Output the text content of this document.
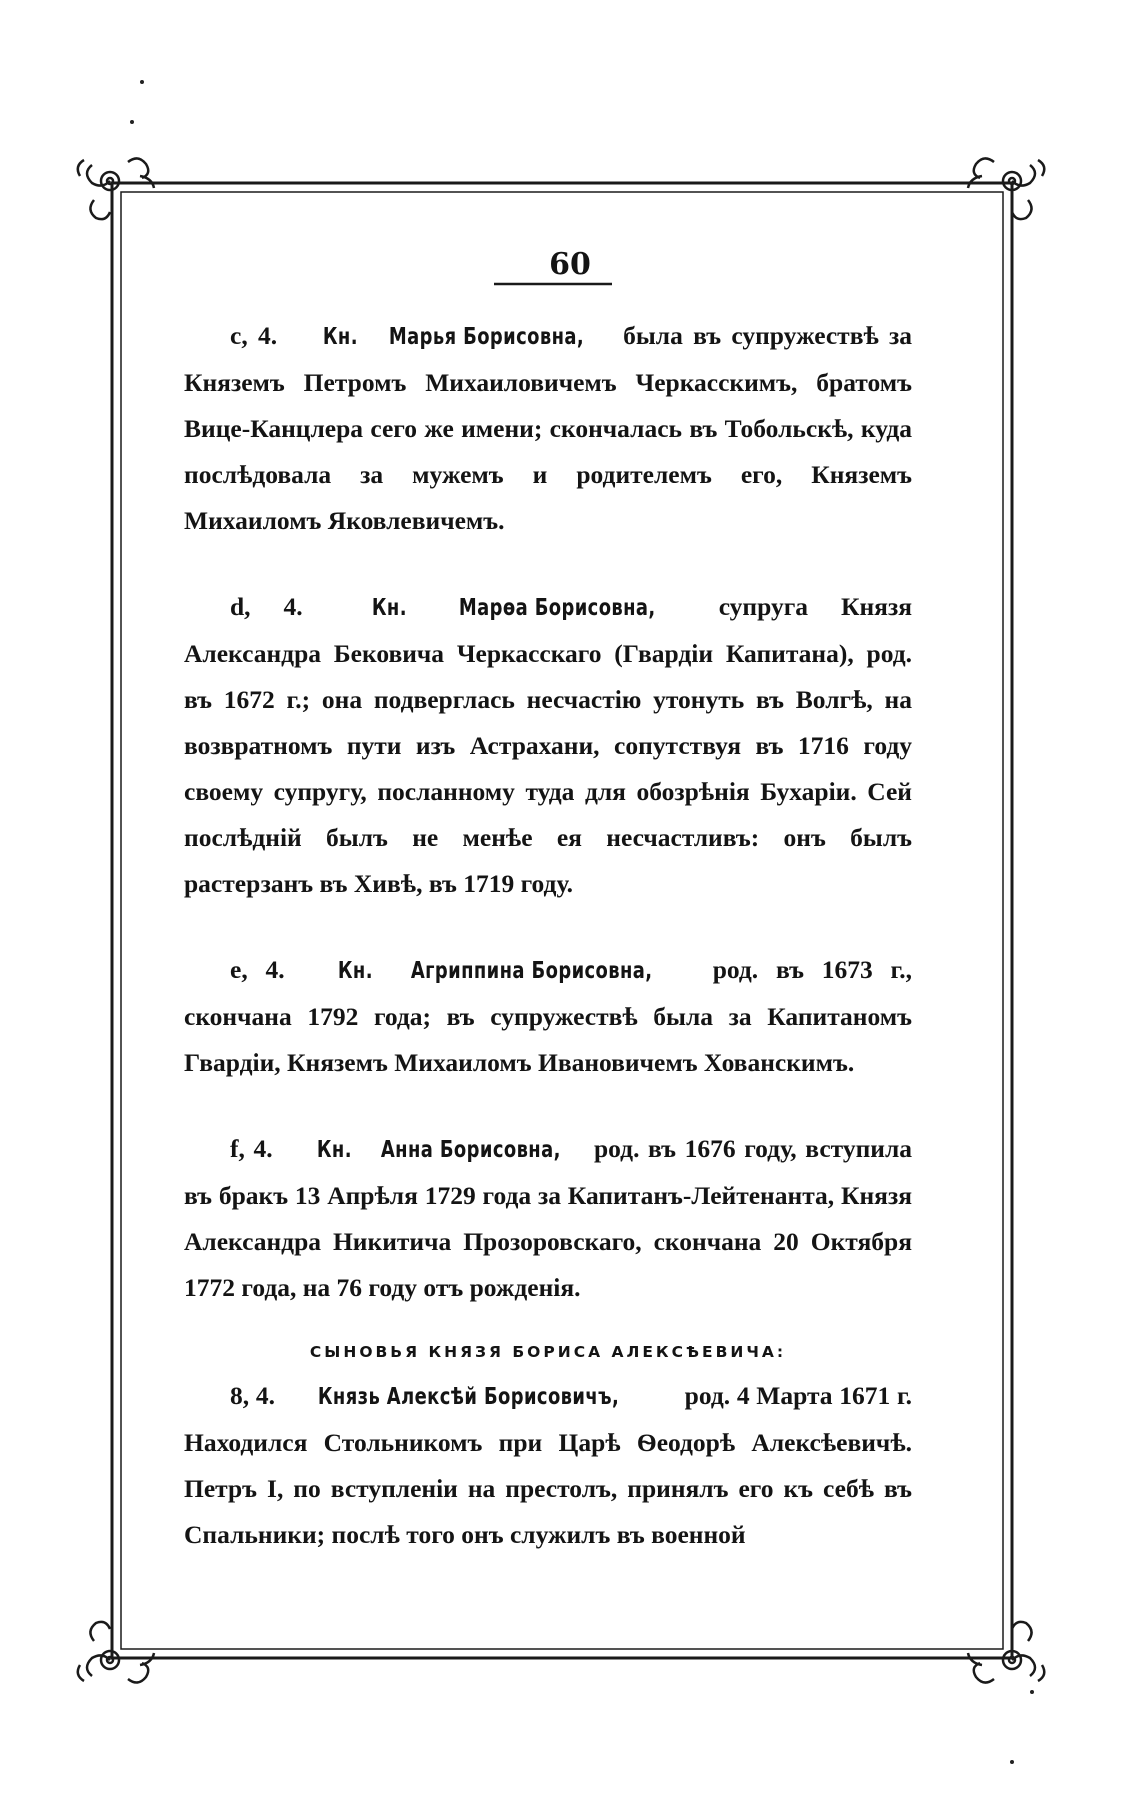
60

c, 4. Кн. Марья Борисовна, была въ супружествѣ за Княземъ Петромъ Михаиловичемъ Черкасскимъ, братомъ Вице-Канцлера сего же имени; скончалась въ Тобольскѣ, куда послѣдовала за мужемъ и родителемъ его, Княземъ Михаиломъ Яковлевичемъ.

d, 4.	Кн. Марѳа Борисовна, супруга Князя Александра Бековича Черкасскаго (Гвардіи Капитана), род. въ 1672 г.; она подверглась несчастію утонуть въ Волгѣ, на возвратномъ пути изъ Астрахани, сопутствуя въ 1716 году своему супругу, посланному туда для обозрѣнія Бухаріи. Сей послѣдній былъ не менѣе ея несчастливъ: онъ былъ растерзанъ въ Хивѣ, въ 1719 году.

e, 4. Кн. Агриппина Борисовна, род. въ 1673 г., скончана 1792 года; въ супружествѣ была за Капитаномъ Гвардіи, Княземъ Михаиломъ Ивановичемъ Хованскимъ.

f, 4. Кн. Анна Борисовна, род. въ 1676 году, вступила въ бракъ 13 Апрѣля 1729 года за Капитанъ-Лейтенанта, Князя Александра Никитича Прозоровскаго, скончана 20 Октября 1772 года, на 76 году отъ рожденія.

СЫНОВЬЯ КНЯЗЯ БОРИСА АЛЕКСѢЕВИЧА:

8, 4. Князь Алексѣй Борисовичъ,	род. 4 Марта 1671 г. Находился Стольникомъ при Царѣ Ѳеодорѣ Алексѣевичѣ. Петръ I, по вступленіи на престолъ, принялъ его къ себѣ въ Спальники; послѣ того онъ служилъ въ военной
